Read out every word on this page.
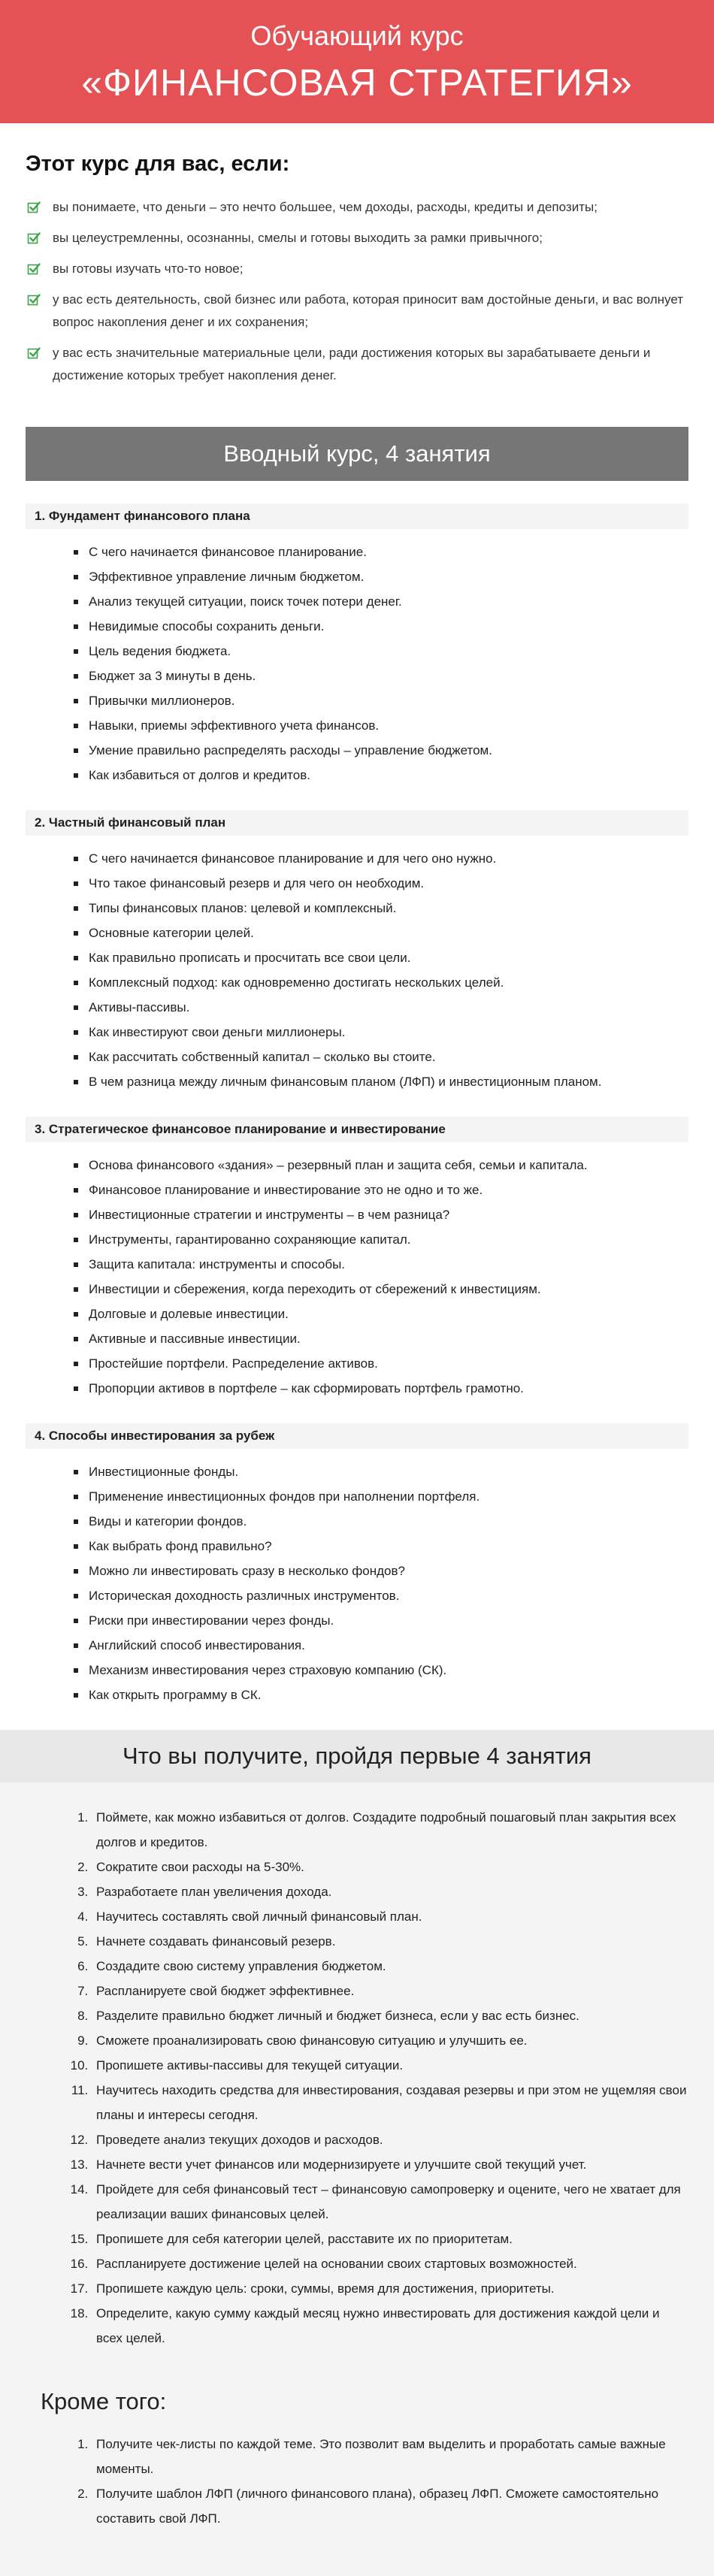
Обучающий курс
«ФИНАНСОВАЯ СТРАТЕГИЯ»
Этот курс для вас, если:
вы понимаете, что деньги – это нечто большее, чем доходы, расходы, кредиты и депозиты;
вы целеустремленны, осознанны, смелы и готовы выходить за рамки привычного;
вы готовы изучать что-то новое;
у вас есть деятельность, свой бизнес или работа, которая приносит вам достойные деньги, и вас волнует вопрос накопления денег и их сохранения;
у вас есть значительные материальные цели, ради достижения которых вы зарабатываете деньги и достижение которых требует накопления денег.
Вводный курс, 4 занятия
1. Фундамент финансового плана
С чего начинается финансовое планирование.
Эффективное управление личным бюджетом.
Анализ текущей ситуации, поиск точек потери денег.
Невидимые способы сохранить деньги.
Цель ведения бюджета.
Бюджет за 3 минуты в день.
Привычки миллионеров.
Навыки, приемы эффективного учета финансов.
Умение правильно распределять расходы – управление бюджетом.
Как избавиться от долгов и кредитов.
2. Частный финансовый план
С чего начинается финансовое планирование и для чего оно нужно.
Что такое финансовый резерв и для чего он необходим.
Типы финансовых планов: целевой и комплексный.
Основные категории целей.
Как правильно прописать и просчитать все свои цели.
Комплексный подход: как одновременно достигать нескольких целей.
Активы-пассивы.
Как инвестируют свои деньги миллионеры.
Как рассчитать собственный капитал – сколько вы стоите.
В чем разница между личным финансовым планом (ЛФП) и инвестиционным планом.
3. Стратегическое финансовое планирование и инвестирование
Основа финансового «здания» – резервный план и защита себя, семьи и капитала.
Финансовое планирование и инвестирование это не одно и то же.
Инвестиционные стратегии и инструменты – в чем разница?
Инструменты, гарантированно сохраняющие капитал.
Защита капитала: инструменты и способы.
Инвестиции и сбережения, когда переходить от сбережений к инвестициям.
Долговые и долевые инвестиции.
Активные и пассивные инвестиции.
Простейшие портфели. Распределение активов.
Пропорции активов в портфеле – как сформировать портфель грамотно.
4. Способы инвестирования за рубеж
Инвестиционные фонды.
Применение инвестиционных фондов при наполнении портфеля.
Виды и категории фондов.
Как выбрать фонд правильно?
Можно ли инвестировать сразу в несколько фондов?
Историческая доходность различных инструментов.
Риски при инвестировании через фонды.
Английский способ инвестирования.
Механизм инвестирования через страховую компанию (СК).
Как открыть программу в СК.
Что вы получите, пройдя первые 4 занятия
1. Поймете, как можно избавиться от долгов. Создадите подробный пошаговый план закрытия всех долгов и кредитов.
2. Сократите свои расходы на 5-30%.
3. Разработаете план увеличения дохода.
4. Научитесь составлять свой личный финансовый план.
5. Начнете создавать финансовый резерв.
6. Создадите свою систему управления бюджетом.
7. Распланируете свой бюджет эффективнее.
8. Разделите правильно бюджет личный и бюджет бизнеса, если у вас есть бизнес.
9. Сможете проанализировать свою финансовую ситуацию и улучшить ее.
10. Пропишете активы-пассивы для текущей ситуации.
11. Научитесь находить средства для инвестирования, создавая резервы и при этом не ущемляя свои планы и интересы сегодня.
12. Проведете анализ текущих доходов и расходов.
13. Начнете вести учет финансов или модернизируете и улучшите свой текущий учет.
14. Пройдете для себя финансовый тест – финансовую самопроверку и оцените, чего не хватает для реализации ваших финансовых целей.
15. Пропишете для себя категории целей, расставите их по приоритетам.
16. Распланируете достижение целей на основании своих стартовых возможностей.
17. Пропишете каждую цель: сроки, суммы, время для достижения, приоритеты.
18. Определите, какую сумму каждый месяц нужно инвестировать для достижения каждой цели и всех целей.
Кроме того:
1. Получите чек-листы по каждой теме. Это позволит вам выделить и проработать самые важные моменты.
2. Получите шаблон ЛФП (личного финансового плана), образец ЛФП. Сможете самостоятельно составить свой ЛФП.
